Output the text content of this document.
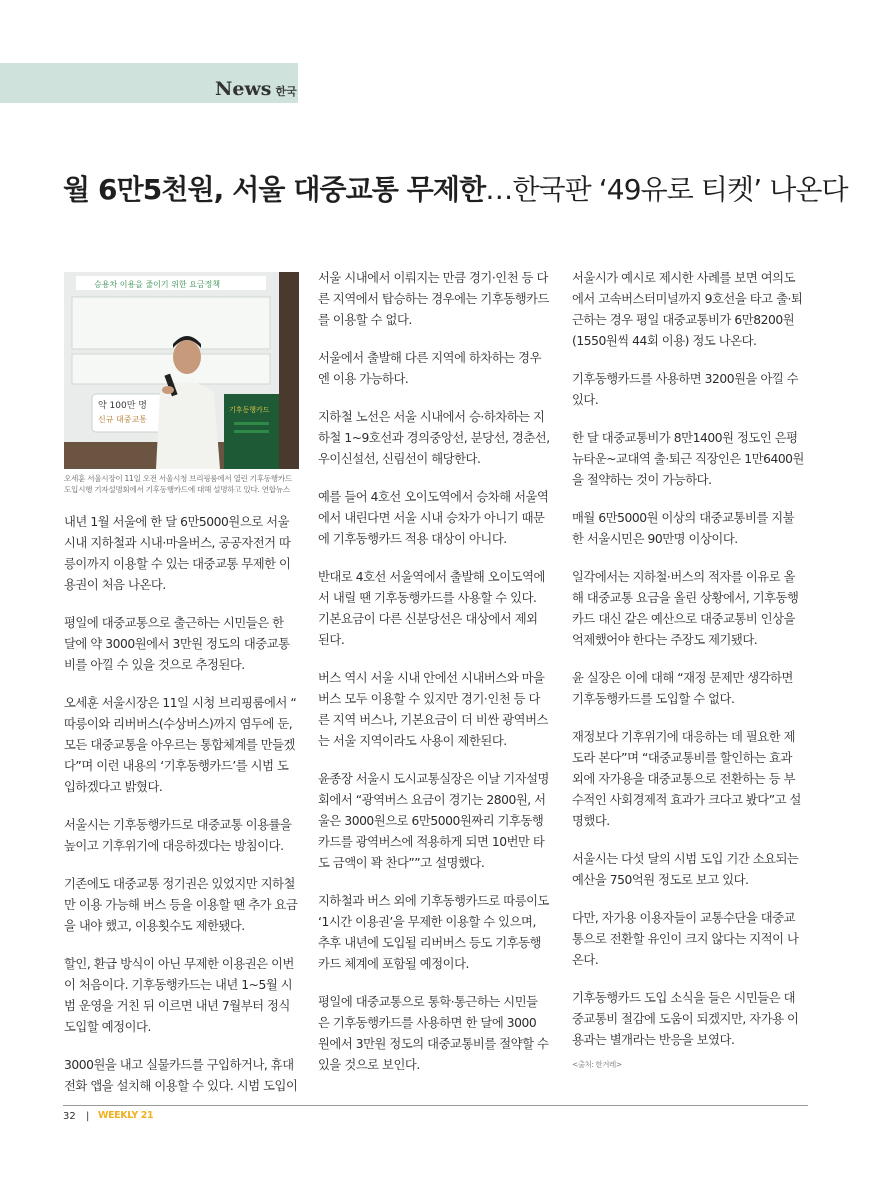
News 한국
월 6만5천원, 서울 대중교통 무제한…한국판 ‘49유로 티켓’ 나온다
승용차 이용을 줄이기 위한 요금정책
약 100만 명
신규 대중교통
기후동행카드
오세훈 서울시장이 11일 오전 서울시청 브리핑룸에서 열린 기후동행카드 도입시행 기자설명회에서 기후동행카드에 대해 설명하고 있다. 연합뉴스

내년 1월 서울에 한 달 6만5000원으로 서울
시내 지하철과 시내·마을버스, 공공자전거 따
릉이까지 이용할 수 있는 대중교통 무제한 이
용권이 처음 나온다.

평일에 대중교통으로 출근하는 시민들은 한
달에 약 3000원에서 3만원 정도의 대중교통
비를 아낄 수 있을 것으로 추정된다.

오세훈 서울시장은 11일 시청 브리핑룸에서 “
따릉이와 리버버스(수상버스)까지 염두에 둔,
모든 대중교통을 아우르는 통합체계를 만들겠
다”며 이런 내용의 ‘기후동행카드’를 시범 도
입하겠다고 밝혔다.

서울시는 기후동행카드로 대중교통 이용률을
높이고 기후위기에 대응하겠다는 방침이다.

기존에도 대중교통 정기권은 있었지만 지하철
만 이용 가능해 버스 등을 이용할 땐 추가 요금
을 내야 했고, 이용횟수도 제한됐다.

할인, 환급 방식이 아닌 무제한 이용권은 이번
이 처음이다. 기후동행카드는 내년 1~5월 시
범 운영을 거친 뒤 이르면 내년 7월부터 정식
도입할 예정이다.

3000원을 내고 실물카드를 구입하거나, 휴대
전화 앱을 설치해 이용할 수 있다. 시범 도입이

서울 시내에서 이뤄지는 만큼 경기·인천 등 다
른 지역에서 탑승하는 경우에는 기후동행카드
를 이용할 수 없다.

서울에서 출발해 다른 지역에 하차하는 경우
엔 이용 가능하다.

지하철 노선은 서울 시내에서 승·하차하는 지
하철 1~9호선과 경의중앙선, 분당선, 경춘선,
우이신설선, 신림선이 해당한다.

예를 들어 4호선 오이도역에서 승차해 서울역
에서 내린다면 서울 시내 승차가 아니기 때문
에 기후동행카드 적용 대상이 아니다.

반대로 4호선 서울역에서 출발해 오이도역에
서 내릴 땐 기후동행카드를 사용할 수 있다.
기본요금이 다른 신분당선은 대상에서 제외
된다.

버스 역시 서울 시내 안에선 시내버스와 마을
버스 모두 이용할 수 있지만 경기·인천 등 다
른 지역 버스나, 기본요금이 더 비싼 광역버스
는 서울 지역이라도 사용이 제한된다.

윤종장 서울시 도시교통실장은 이날 기자설명
회에서 “광역버스 요금이 경기는 2800원, 서
울은 3000원으로 6만5000원짜리 기후동행
카드를 광역버스에 적용하게 되면 10번만 타
도 금액이 꽉 찬다””고 설명했다.

지하철과 버스 외에 기후동행카드로 따릉이도
‘1시간 이용권’을 무제한 이용할 수 있으며,
추후 내년에 도입될 리버버스 등도 기후동행
카드 체계에 포함될 예정이다.

평일에 대중교통으로 통학·통근하는 시민들
은 기후동행카드를 사용하면 한 달에 3000
원에서 3만원 정도의 대중교통비를 절약할 수
있을 것으로 보인다.

서울시가 예시로 제시한 사례를 보면 여의도
에서 고속버스터미널까지 9호선을 타고 출·퇴
근하는 경우 평일 대중교통비가 6만8200원
(1550원씩 44회 이용) 정도 나온다.

기후동행카드를 사용하면 3200원을 아낄 수
있다.

한 달 대중교통비가 8만1400원 정도인 은평
뉴타운~교대역 출·퇴근 직장인은 1만6400원
을 절약하는 것이 가능하다.

매월 6만5000원 이상의 대중교통비를 지불
한 서울시민은 90만명 이상이다.

일각에서는 지하철·버스의 적자를 이유로 올
해 대중교통 요금을 올린 상황에서, 기후동행
카드 대신 같은 예산으로 대중교통비 인상을
억제했어야 한다는 주장도 제기됐다.

윤 실장은 이에 대해 “재정 문제만 생각하면
기후동행카드를 도입할 수 없다.

재정보다 기후위기에 대응하는 데 필요한 제
도라 본다”며 “대중교통비를 할인하는 효과
외에 자가용을 대중교통으로 전환하는 등 부
수적인 사회경제적 효과가 크다고 봤다”고 설
명했다.

서울시는 다섯 달의 시범 도입 기간 소요되는
예산을 750억원 정도로 보고 있다.

다만, 자가용 이용자들이 교통수단을 대중교
통으로 전환할 유인이 크지 않다는 지적이 나
온다.

기후동행카드 도입 소식을 들은 시민들은 대
중교통비 절감에 도움이 되겠지만, 자가용 이
용과는 별개라는 반응을 보였다.

<출처: 한겨레>
32 | WEEKLY 21
